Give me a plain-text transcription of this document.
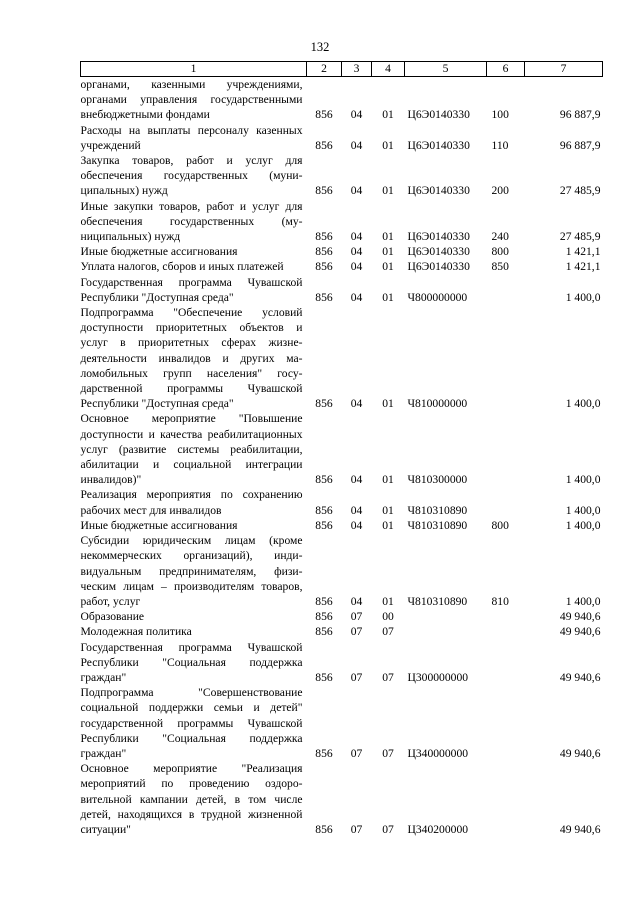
132
1	2	3	4	5	6	7
органами, казенными учреждениями, органами управления государственными внебюджетными фондами	856	04	01	Ц6Э0140330	100	96 887,9
Расходы на выплаты персоналу казенных учреждений	856	04	01	Ц6Э0140330	110	96 887,9
Закупка товаров, работ и услуг для обеспечения государственных (муниципальных) нужд	856	04	01	Ц6Э0140330	200	27 485,9
Иные закупки товаров, работ и услуг для обеспечения государственных (муниципальных) нужд	856	04	01	Ц6Э0140330	240	27 485,9
Иные бюджетные ассигнования	856	04	01	Ц6Э0140330	800	1 421,1
Уплата налогов, сборов и иных платежей	856	04	01	Ц6Э0140330	850	1 421,1
Государственная программа Чувашской Республики "Доступная среда"	856	04	01	Ч800000000		1 400,0
Подпрограмма "Обеспечение условий доступности приоритетных объектов и услуг в приоритетных сферах жизнедеятельности инвалидов и других маломобильных групп населения" государственной программы Чувашской Республики "Доступная среда"	856	04	01	Ч810000000		1 400,0
Основное мероприятие "Повышение доступности и качества реабилитационных услуг (развитие системы реабилитации, абилитации и социальной интеграции инвалидов)"	856	04	01	Ч810300000		1 400,0
Реализация мероприятия по сохранению рабочих мест для инвалидов	856	04	01	Ч810310890		1 400,0
Иные бюджетные ассигнования	856	04	01	Ч810310890	800	1 400,0
Субсидии юридическим лицам (кроме некоммерческих организаций), индивидуальным предпринимателям, физическим лицам – производителям товаров, работ, услуг	856	04	01	Ч810310890	810	1 400,0
Образование	856	07	00			49 940,6
Молодежная политика	856	07	07			49 940,6
Государственная программа Чувашской Республики "Социальная поддержка граждан"	856	07	07	Ц300000000		49 940,6
Подпрограмма "Совершенствование социальной поддержки семьи и детей" государственной программы Чувашской Республики "Социальная поддержка граждан"	856	07	07	Ц340000000		49 940,6
Основное мероприятие "Реализация мероприятий по проведению оздоровительной кампании детей, в том числе детей, находящихся в трудной жизненной ситуации"	856	07	07	Ц340200000		49 940,6
